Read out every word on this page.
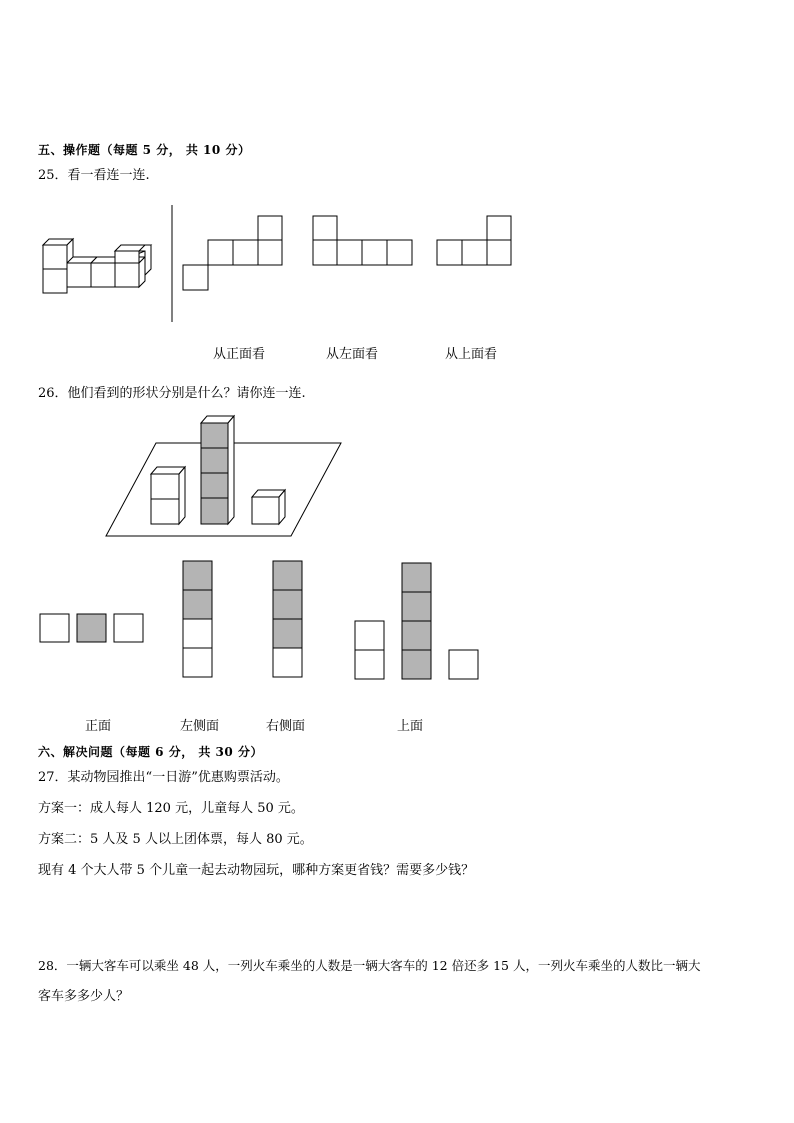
五、操作题（每题 5 分， 共 10 分）
25．看一看连一连.
从正面看	从左面看	从上面看
26．他们看到的形状分别是什么？请你连一连.
正面	左侧面	右侧面	上面
六、解决问题（每题 6 分， 共 30 分）
27．某动物园推出“一日游”优惠购票活动。
方案一：成人每人 120 元，儿童每人 50 元。
方案二：5 人及 5 人以上团体票，每人 80 元。
现有 4 个大人带 5 个儿童一起去动物园玩，哪种方案更省钱？需要多少钱？
28．一辆大客车可以乘坐 48 人，一列火车乘坐的人数是一辆大客车的 12 倍还多 15 人，一列火车乘坐的人数比一辆大
客车多多少人？
